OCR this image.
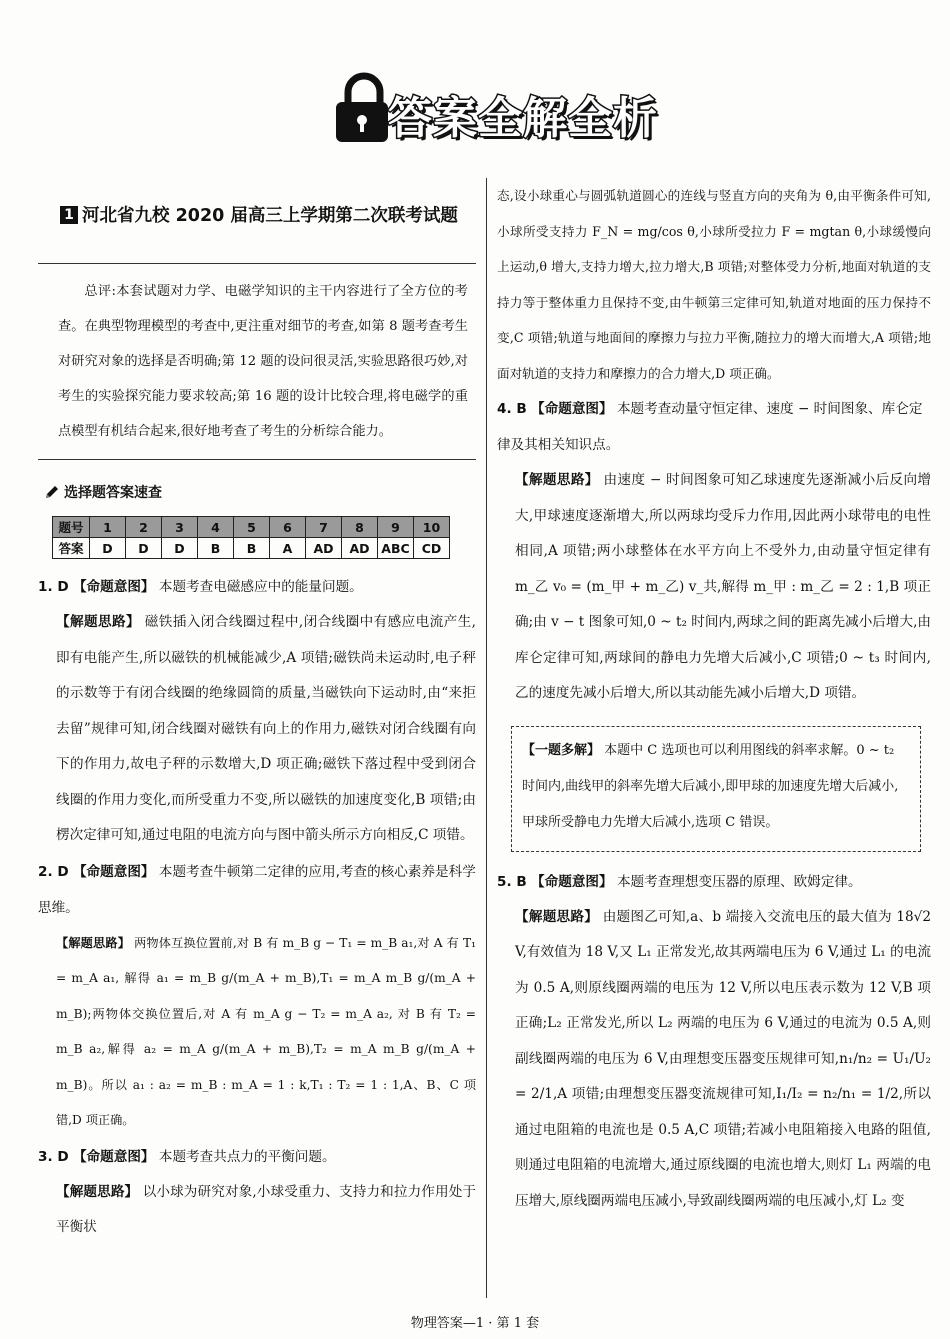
答案全解全析
1 河北省九校 2020 届高三上学期第二次联考试题

总评:本套试题对力学、电磁学知识的主干内容进行了全方位的考查。在典型物理模型的考查中,更注重对细节的考查,如第 8 题考查考生对研究对象的选择是否明确;第 12 题的设问很灵活,实验思路很巧妙,对考生的实验探究能力要求较高;第 16 题的设计比较合理,将电磁学的重点模型有机结合起来,很好地考查了考生的分析综合能力。

选择题答案速查
题号	1	2	3	4	5	6	7	8	9	10
答案	D	D	D	B	B	A	AD	AD	ABC	CD

1. D 【命题意图】 本题考查电磁感应中的能量问题。

【解题思路】 磁铁插入闭合线圈过程中,闭合线圈中有感应电流产生,即有电能产生,所以磁铁的机械能减少,A 项错;磁铁尚未运动时,电子秤的示数等于有闭合线圈的绝缘圆筒的质量,当磁铁向下运动时,由“来拒去留”规律可知,闭合线圈对磁铁有向上的作用力,磁铁对闭合线圈有向下的作用力,故电子秤的示数增大,D 项正确;磁铁下落过程中受到闭合线圈的作用力变化,而所受重力不变,所以磁铁的加速度变化,B 项错;由楞次定律可知,通过电阻的电流方向与图中箭头所示方向相反,C 项错。

2. D 【命题意图】 本题考查牛顿第二定律的应用,考查的核心素养是科学思维。

【解题思路】 两物体互换位置前,对 B 有 m_B g − T₁ = m_B a₁,对 A 有 T₁ = m_A a₁, 解得 a₁ = m_B g/(m_A + m_B),T₁ = m_A m_B g/(m_A + m_B);两物体交换位置后,对 A 有 m_A g − T₂ = m_A a₂, 对 B 有 T₂ = m_B a₂,解得 a₂ = m_A g/(m_A + m_B),T₂ = m_A m_B g/(m_A + m_B)。所以 a₁ : a₂ = m_B : m_A = 1 : k,T₁ : T₂ = 1 : 1,A、B、C 项错,D 项正确。

3. D 【命题意图】 本题考查共点力的平衡问题。

【解题思路】 以小球为研究对象,小球受重力、支持力和拉力作用处于平衡状

态,设小球重心与圆弧轨道圆心的连线与竖直方向的夹角为 θ,由平衡条件可知,小球所受支持力 F_N = mg/cos θ,小球所受拉力 F = mgtan θ,小球缓慢向上运动,θ 增大,支持力增大,拉力增大,B 项错;对整体受力分析,地面对轨道的支持力等于整体重力且保持不变,由牛顿第三定律可知,轨道对地面的压力保持不变,C 项错;轨道与地面间的摩擦力与拉力平衡,随拉力的增大而增大,A 项错;地面对轨道的支持力和摩擦力的合力增大,D 项正确。

4. B 【命题意图】 本题考查动量守恒定律、速度 − 时间图象、库仑定律及其相关知识点。

【解题思路】 由速度 − 时间图象可知乙球速度先逐渐减小后反向增大,甲球速度逐渐增大,所以两球均受斥力作用,因此两小球带电的电性相同,A 项错;两小球整体在水平方向上不受外力,由动量守恒定律有 m_乙 v₀ = (m_甲 + m_乙) v_共,解得 m_甲 : m_乙 = 2 : 1,B 项正确;由 v − t 图象可知,0 ~ t₂ 时间内,两球之间的距离先减小后增大,由库仑定律可知,两球间的静电力先增大后减小,C 项错;0 ~ t₃ 时间内,乙的速度先减小后增大,所以其动能先减小后增大,D 项错。

【一题多解】 本题中 C 选项也可以利用图线的斜率求解。0 ~ t₂ 时间内,曲线甲的斜率先增大后减小,即甲球的加速度先增大后减小,甲球所受静电力先增大后减小,选项 C 错误。

5. B 【命题意图】 本题考查理想变压器的原理、欧姆定律。

【解题思路】 由题图乙可知,a、b 端接入交流电压的最大值为 18√2 V,有效值为 18 V,又 L₁ 正常发光,故其两端电压为 6 V,通过 L₁ 的电流为 0.5 A,则原线圈两端的电压为 12 V,所以电压表示数为 12 V,B 项正确;L₂ 正常发光,所以 L₂ 两端的电压为 6 V,通过的电流为 0.5 A,则副线圈两端的电压为 6 V,由理想变压器变压规律可知,n₁/n₂ = U₁/U₂ = 2/1,A 项错;由理想变压器变流规律可知,I₁/I₂ = n₂/n₁ = 1/2,所以通过电阻箱的电流也是 0.5 A,C 项错;若减小电阻箱接入电路的阻值,则通过电阻箱的电流增大,通过原线圈的电流也增大,则灯 L₁ 两端的电压增大,原线圈两端电压减小,导致副线圈两端的电压减小,灯 L₂ 变

物理答案—1 · 第 1 套
